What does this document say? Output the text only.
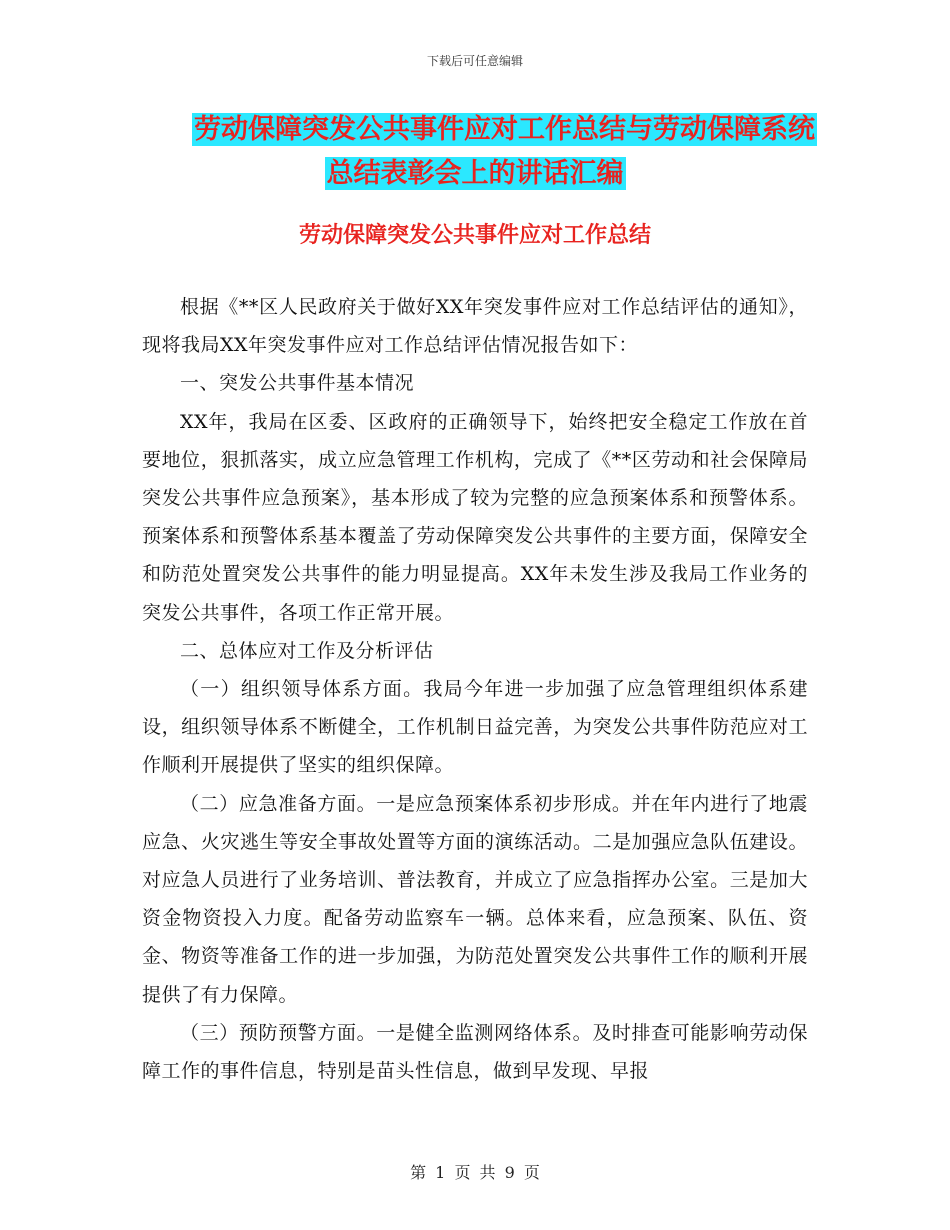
下载后可任意编辑
劳动保障突发公共事件应对工作总结与劳动保障系统
总结表彰会上的讲话汇编
劳动保障突发公共事件应对工作总结

根据《**区人民政府关于做好XX年突发事件应对工作总结评估的通知》，现将我局XX年突发事件应对工作总结评估情况报告如下：

一、突发公共事件基本情况

XX年，我局在区委、区政府的正确领导下，始终把安全稳定工作放在首要地位，狠抓落实，成立应急管理工作机构，完成了《**区劳动和社会保障局突发公共事件应急预案》，基本形成了较为完整的应急预案体系和预警体系。预案体系和预警体系基本覆盖了劳动保障突发公共事件的主要方面，保障安全和防范处置突发公共事件的能力明显提高。XX年未发生涉及我局工作业务的突发公共事件，各项工作正常开展。

二、总体应对工作及分析评估

（一）组织领导体系方面。我局今年进一步加强了应急管理组织体系建设，组织领导体系不断健全，工作机制日益完善，为突发公共事件防范应对工作顺利开展提供了坚实的组织保障。

（二）应急准备方面。一是应急预案体系初步形成。并在年内进行了地震应急、火灾逃生等安全事故处置等方面的演练活动。二是加强应急队伍建设。对应急人员进行了业务培训、普法教育，并成立了应急指挥办公室。三是加大资金物资投入力度。配备劳动监察车一辆。总体来看，应急预案、队伍、资金、物资等准备工作的进一步加强，为防范处置突发公共事件工作的顺利开展提供了有力保障。

（三）预防预警方面。一是健全监测网络体系。及时排查可能影响劳动保障工作的事件信息，特别是苗头性信息，做到早发现、早报

第 1 页 共 9 页
